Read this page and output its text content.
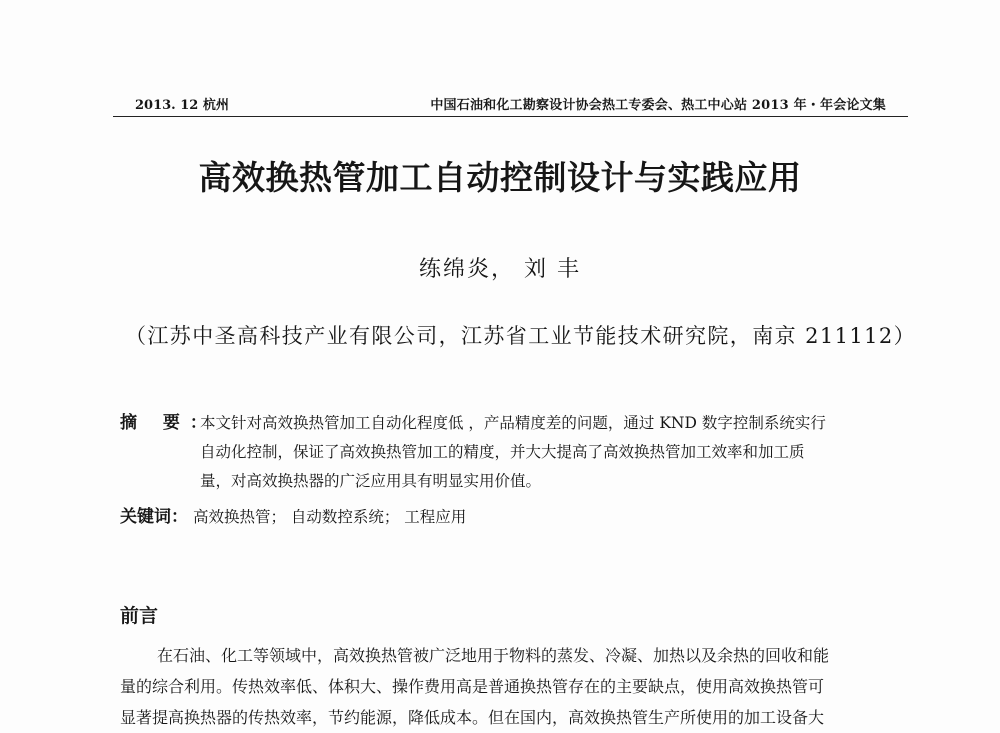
2013. 12 杭州	中国石油和化工勘察设计协会热工专委会、热工中心站 2013 年・年会论文集
高效换热管加工自动控制设计与实践应用
练绵炎， 刘 丰
（江苏中圣高科技产业有限公司，江苏省工业节能技术研究院，南京 211112）
摘 要：
本文针对高效换热管加工自动化程度低 ，产品精度差的问题，通过 KND 数字控制系统实行
自动化控制，保证了高效换热管加工的精度，并大大提高了高效换热管加工效率和加工质
量，对高效换热器的广泛应用具有明显实用价值。
关键词： 高效换热管； 自动数控系统； 工程应用
前言
在石油、化工等领域中，高效换热管被广泛地用于物料的蒸发、冷凝、加热以及余热的回收和能
量的综合利用。传热效率低、体积大、操作费用高是普通换热管存在的主要缺点，使用高效换热管可
显著提高换热器的传热效率，节约能源，降低成本。但在国内，高效换热管生产所使用的加工设备大
